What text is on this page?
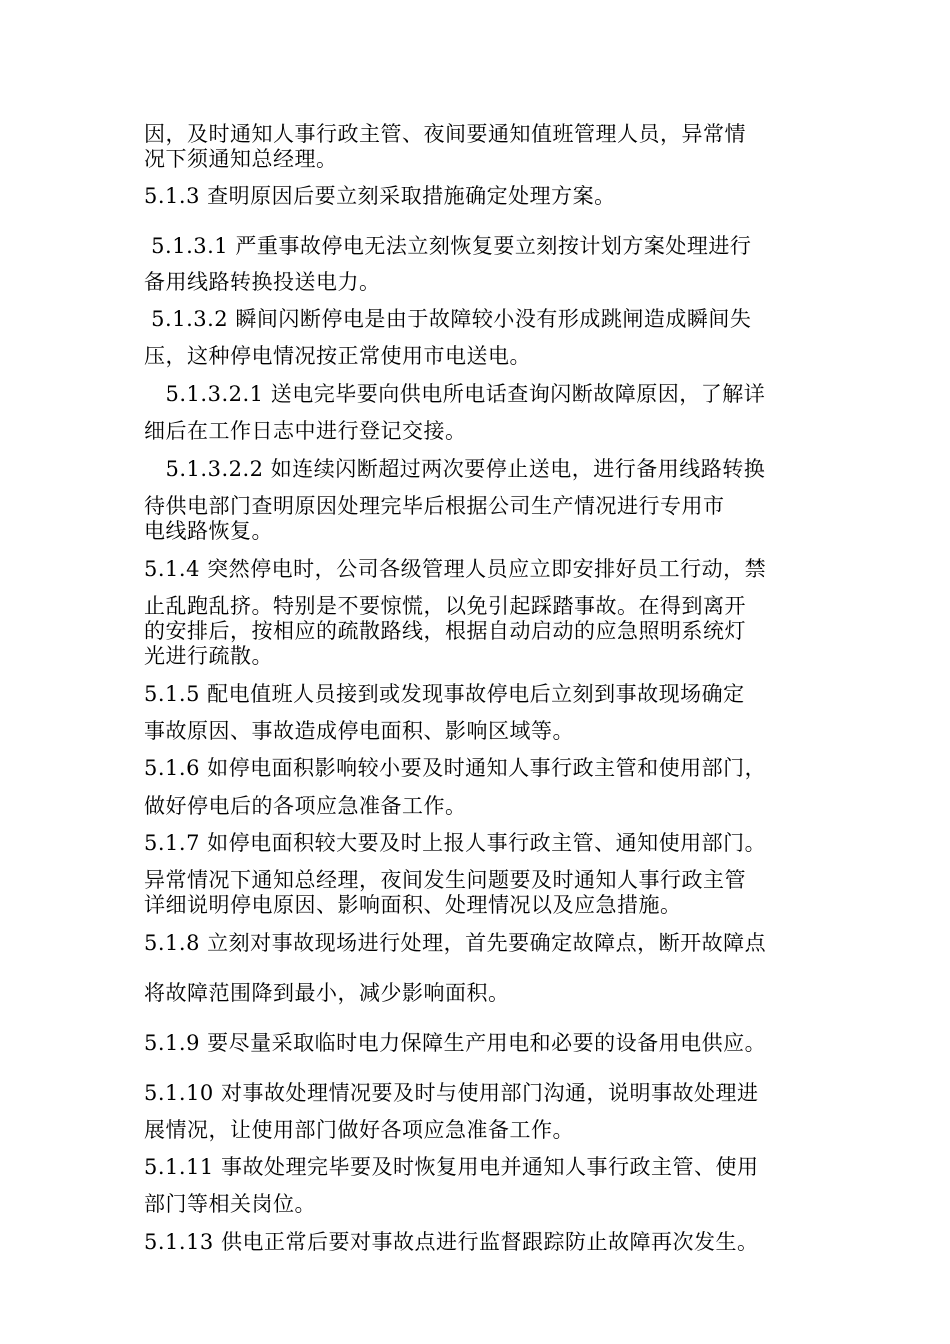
因，及时通知人事行政主管、夜间要通知值班管理人员，异常情
况下须通知总经理。
5.1.3 查明原因后要立刻采取措施确定处理方案。
5.1.3.1 严重事故停电无法立刻恢复要立刻按计划方案处理进行
备用线路转换投送电力。
5.1.3.2 瞬间闪断停电是由于故障较小没有形成跳闸造成瞬间失
压，这种停电情况按正常使用市电送电。
5.1.3.2.1 送电完毕要向供电所电话查询闪断故障原因，了解详
细后在工作日志中进行登记交接。
5.1.3.2.2 如连续闪断超过两次要停止送电，进行备用线路转换
待供电部门查明原因处理完毕后根据公司生产情况进行专用市
电线路恢复。
5.1.4 突然停电时，公司各级管理人员应立即安排好员工行动，禁
止乱跑乱挤。特别是不要惊慌，以免引起踩踏事故。在得到离开
的安排后，按相应的疏散路线，根据自动启动的应急照明系统灯
光进行疏散。
5.1.5 配电值班人员接到或发现事故停电后立刻到事故现场确定
事故原因、事故造成停电面积、影响区域等。
5.1.6 如停电面积影响较小要及时通知人事行政主管和使用部门，
做好停电后的各项应急准备工作。
5.1.7 如停电面积较大要及时上报人事行政主管、通知使用部门。
异常情况下通知总经理，夜间发生问题要及时通知人事行政主管
详细说明停电原因、影响面积、处理情况以及应急措施。
5.1.8 立刻对事故现场进行处理，首先要确定故障点，断开故障点
将故障范围降到最小，减少影响面积。
5.1.9 要尽量采取临时电力保障生产用电和必要的设备用电供应。
5.1.10 对事故处理情况要及时与使用部门沟通，说明事故处理进
展情况，让使用部门做好各项应急准备工作。
5.1.11 事故处理完毕要及时恢复用电并通知人事行政主管、使用
部门等相关岗位。
5.1.13 供电正常后要对事故点进行监督跟踪防止故障再次发生。
